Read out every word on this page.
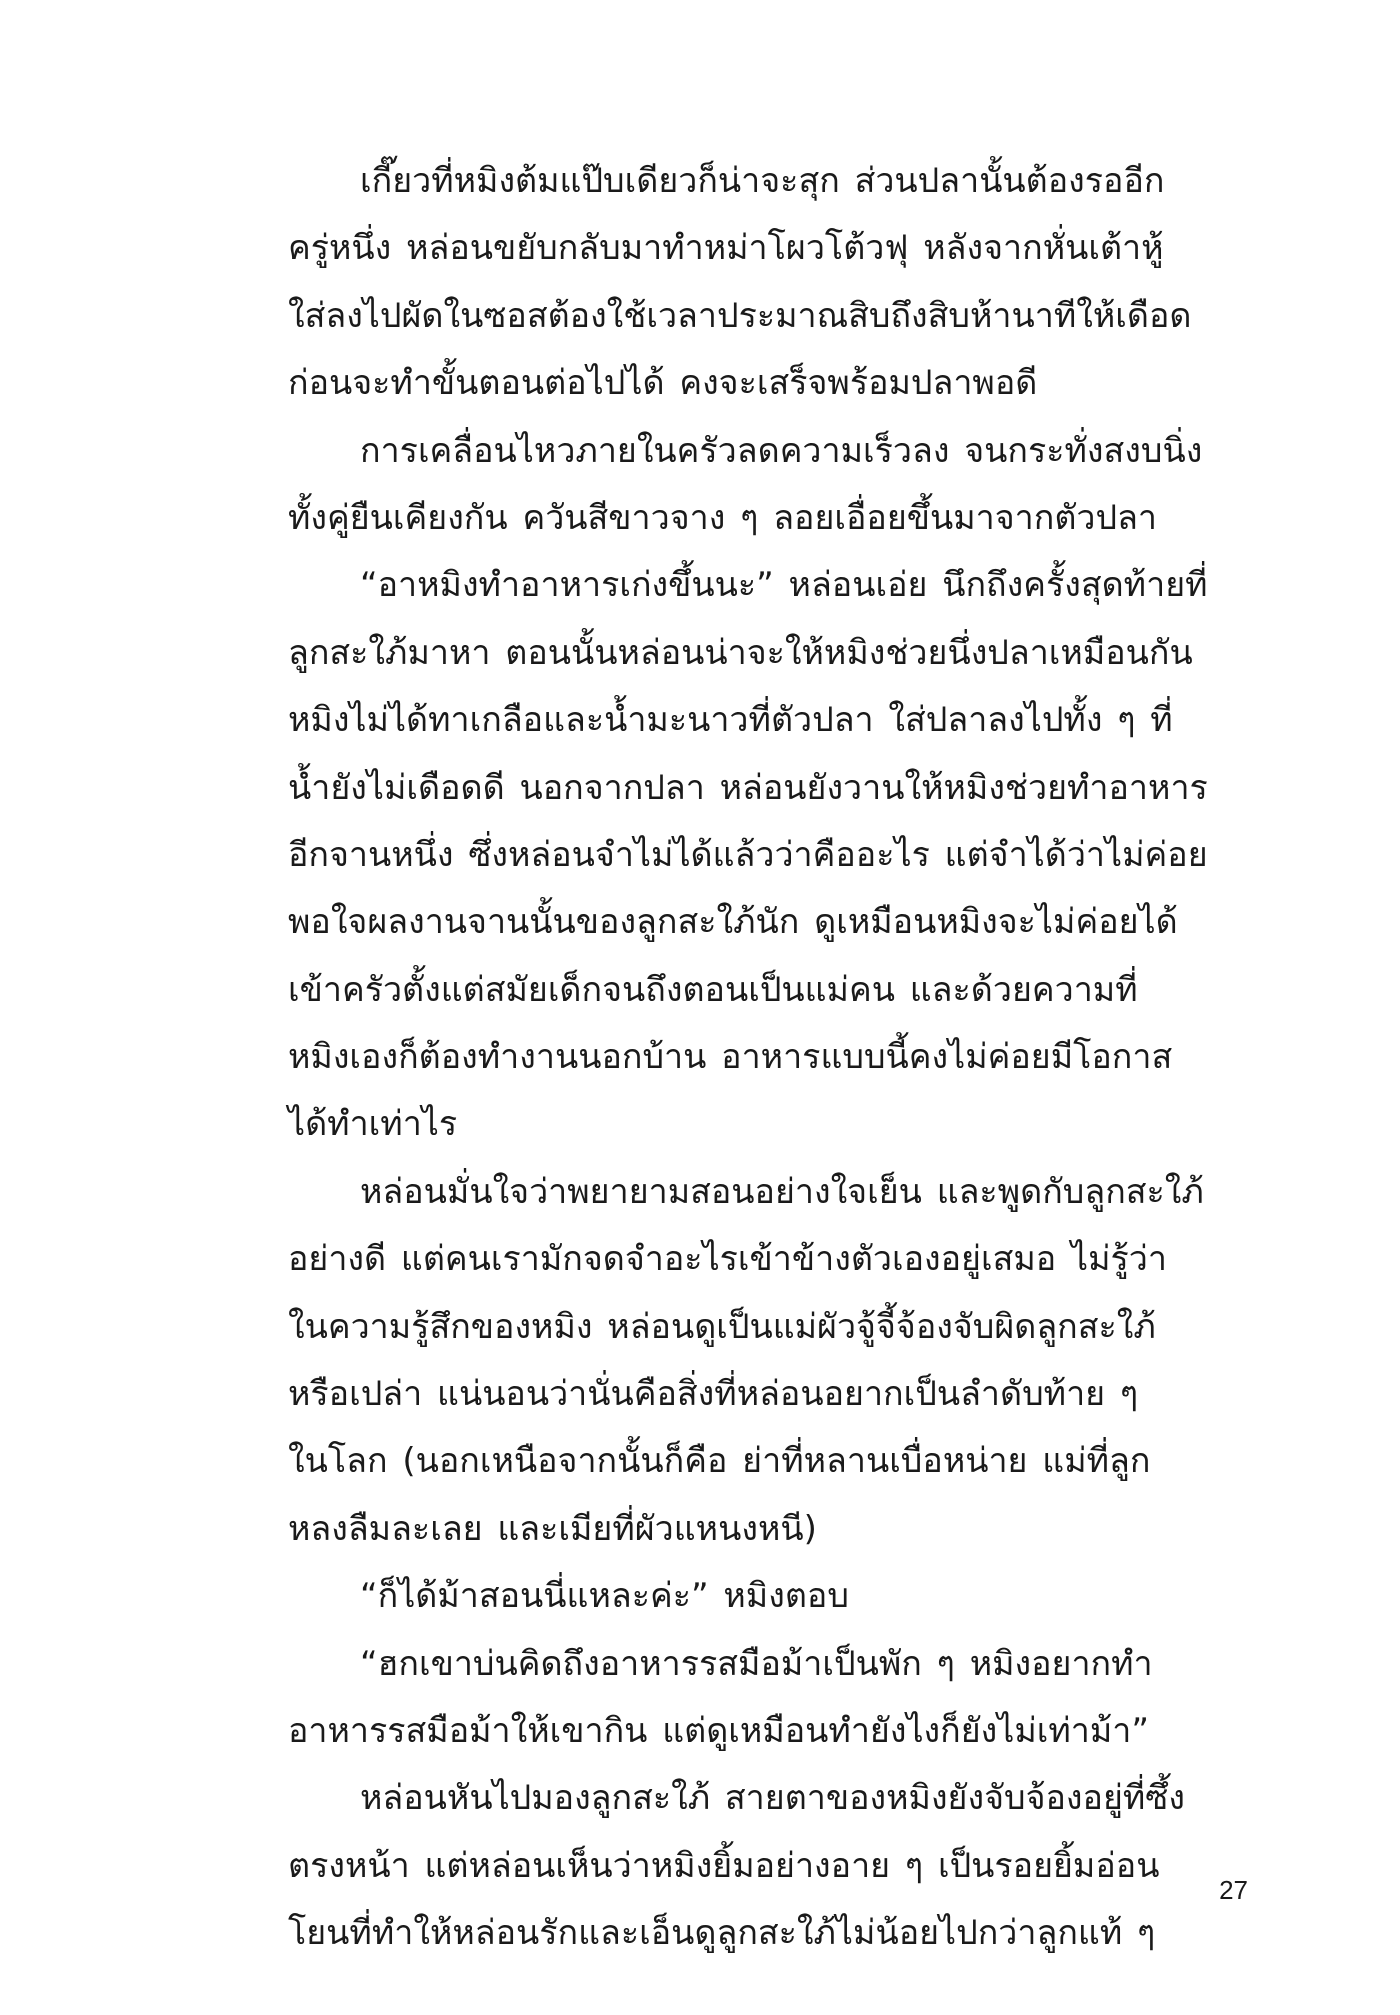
เกี๊ยวที่หมิงต้มแป๊บเดียวก็น่าจะสุก ส่วนปลานั้นต้องรออีก
ครู่หนึ่ง หล่อนขยับกลับมาทำหม่าโผวโต้วฟุ หลังจากหั่นเต้าหู้
ใส่ลงไปผัดในซอสต้องใช้เวลาประมาณสิบถึงสิบห้านาทีให้เดือด
ก่อนจะทำขั้นตอนต่อไปได้ คงจะเสร็จพร้อมปลาพอดี
การเคลื่อนไหวภายในครัวลดความเร็วลง จนกระทั่งสงบนิ่ง
ทั้งคู่ยืนเคียงกัน ควันสีขาวจาง ๆ ลอยเอื่อยขึ้นมาจากตัวปลา
“อาหมิงทำอาหารเก่งขึ้นนะ” หล่อนเอ่ย นึกถึงครั้งสุดท้ายที่
ลูกสะใภ้มาหา ตอนนั้นหล่อนน่าจะให้หมิงช่วยนึ่งปลาเหมือนกัน
หมิงไม่ได้ทาเกลือและน้ำมะนาวที่ตัวปลา ใส่ปลาลงไปทั้ง ๆ ที่
น้ำยังไม่เดือดดี นอกจากปลา หล่อนยังวานให้หมิงช่วยทำอาหาร
อีกจานหนึ่ง ซึ่งหล่อนจำไม่ได้แล้วว่าคืออะไร แต่จำได้ว่าไม่ค่อย
พอใจผลงานจานนั้นของลูกสะใภ้นัก ดูเหมือนหมิงจะไม่ค่อยได้
เข้าครัวตั้งแต่สมัยเด็กจนถึงตอนเป็นแม่คน และด้วยความที่
หมิงเองก็ต้องทำงานนอกบ้าน อาหารแบบนี้คงไม่ค่อยมีโอกาส
ได้ทำเท่าไร
หล่อนมั่นใจว่าพยายามสอนอย่างใจเย็น และพูดกับลูกสะใภ้
อย่างดี แต่คนเรามักจดจำอะไรเข้าข้างตัวเองอยู่เสมอ ไม่รู้ว่า
ในความรู้สึกของหมิง หล่อนดูเป็นแม่ผัวจู้จี้จ้องจับผิดลูกสะใภ้
หรือเปล่า แน่นอนว่านั่นคือสิ่งที่หล่อนอยากเป็นลำดับท้าย ๆ
ในโลก (นอกเหนือจากนั้นก็คือ ย่าที่หลานเบื่อหน่าย แม่ที่ลูก
หลงลืมละเลย และเมียที่ผัวแหนงหนี)
“ก็ได้ม้าสอนนี่แหละค่ะ” หมิงตอบ
“ฮกเขาบ่นคิดถึงอาหารรสมือม้าเป็นพัก ๆ หมิงอยากทำ
อาหารรสมือม้าให้เขากิน แต่ดูเหมือนทำยังไงก็ยังไม่เท่าม้า”
หล่อนหันไปมองลูกสะใภ้ สายตาของหมิงยังจับจ้องอยู่ที่ซึ้ง
ตรงหน้า แต่หล่อนเห็นว่าหมิงยิ้มอย่างอาย ๆ เป็นรอยยิ้มอ่อน
โยนที่ทำให้หล่อนรักและเอ็นดูลูกสะใภ้ไม่น้อยไปกว่าลูกแท้ ๆ
27
